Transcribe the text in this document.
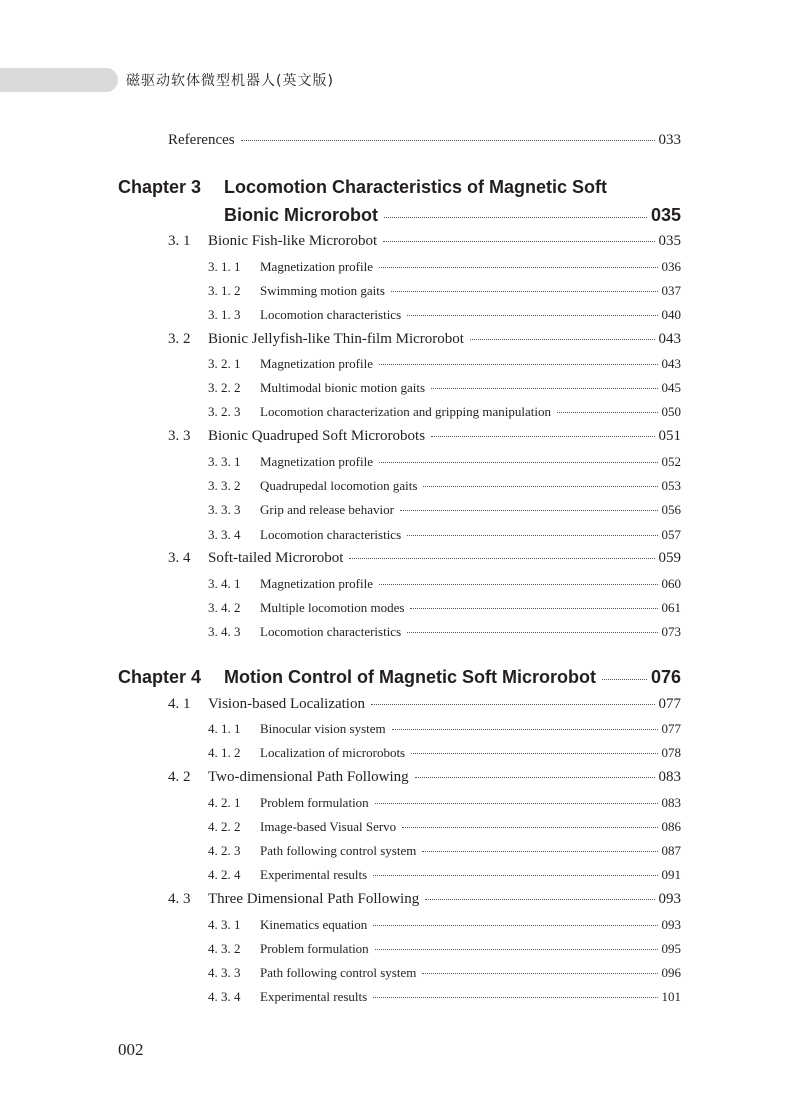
磁驱动软体微型机器人(英文版)
References	033
Chapter 3	Locomotion Characteristics of Magnetic Soft
Bionic Microrobot	035
3. 1	Bionic Fish-like Microrobot	035
3. 1. 1	Magnetization profile	036
3. 1. 2	Swimming motion gaits	037
3. 1. 3	Locomotion characteristics	040
3. 2	Bionic Jellyfish-like Thin-film Microrobot	043
3. 2. 1	Magnetization profile	043
3. 2. 2	Multimodal bionic motion gaits	045
3. 2. 3	Locomotion characterization and gripping manipulation	050
3. 3	Bionic Quadruped Soft Microrobots	051
3. 3. 1	Magnetization profile	052
3. 3. 2	Quadrupedal locomotion gaits	053
3. 3. 3	Grip and release behavior	056
3. 3. 4	Locomotion characteristics	057
3. 4	Soft-tailed Microrobot	059
3. 4. 1	Magnetization profile	060
3. 4. 2	Multiple locomotion modes	061
3. 4. 3	Locomotion characteristics	073
Chapter 4	Motion Control of Magnetic Soft Microrobot	076
4. 1	Vision-based Localization	077
4. 1. 1	Binocular vision system	077
4. 1. 2	Localization of microrobots	078
4. 2	Two-dimensional Path Following	083
4. 2. 1	Problem formulation	083
4. 2. 2	Image-based Visual Servo	086
4. 2. 3	Path following control system	087
4. 2. 4	Experimental results	091
4. 3	Three Dimensional Path Following	093
4. 3. 1	Kinematics equation	093
4. 3. 2	Problem formulation	095
4. 3. 3	Path following control system	096
4. 3. 4	Experimental results	101
002
